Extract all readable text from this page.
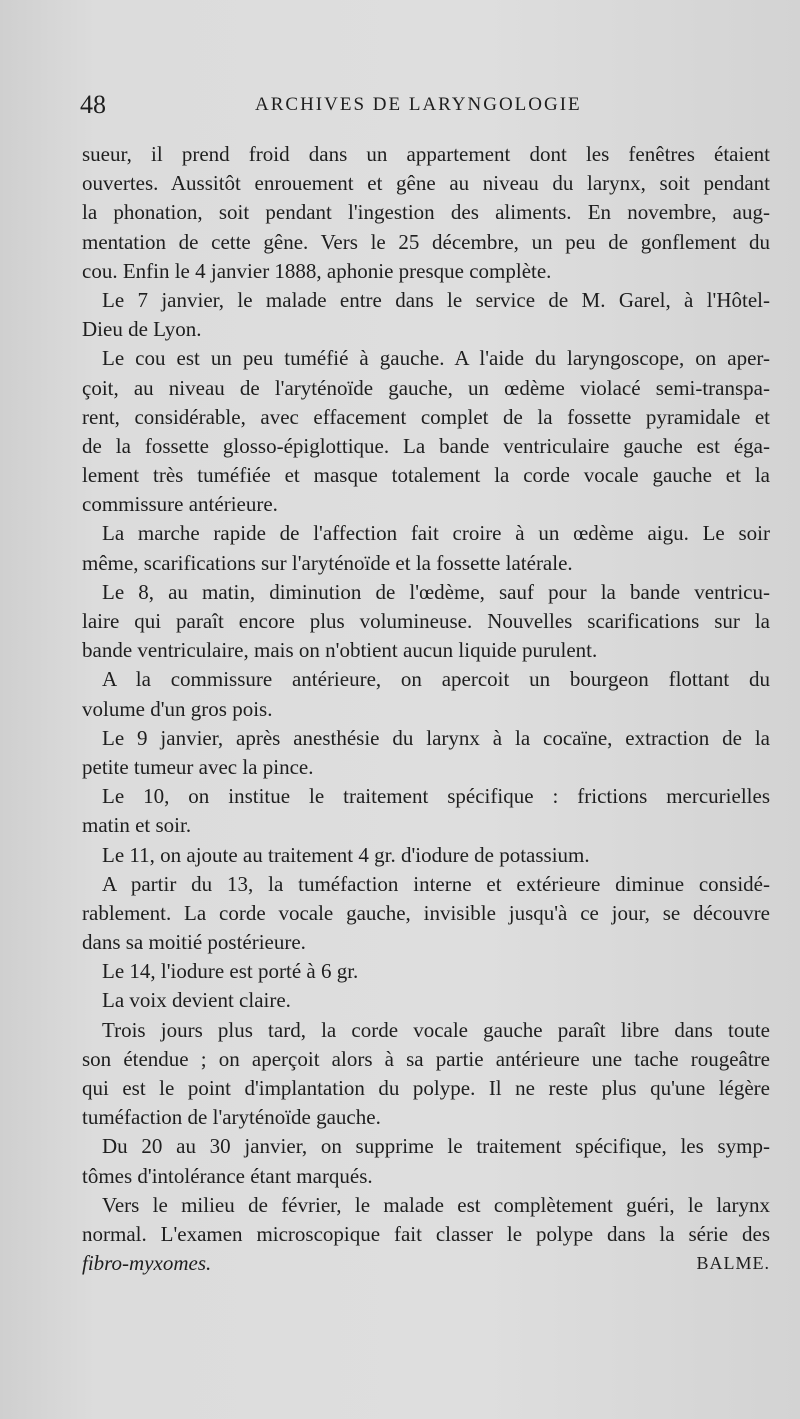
48	ARCHIVES DE LARYNGOLOGIE
sueur, il prend froid dans un appartement dont les fenêtres étaient
ouvertes. Aussitôt enrouement et gêne au niveau du larynx, soit pendant
la phonation, soit pendant l'ingestion des aliments. En novembre, aug-
mentation de cette gêne. Vers le 25 décembre, un peu de gonflement du
cou. Enfin le 4 janvier 1888, aphonie presque complète.
Le 7 janvier, le malade entre dans le service de M. Garel, à l'Hôtel-
Dieu de Lyon.
Le cou est un peu tuméfié à gauche. A l'aide du laryngoscope, on aper-
çoit, au niveau de l'aryténoïde gauche, un œdème violacé semi-transpa-
rent, considérable, avec effacement complet de la fossette pyramidale et
de la fossette glosso-épiglottique. La bande ventriculaire gauche est éga-
lement très tuméfiée et masque totalement la corde vocale gauche et la
commissure antérieure.
La marche rapide de l'affection fait croire à un œdème aigu. Le soir
même, scarifications sur l'aryténoïde et la fossette latérale.
Le 8, au matin, diminution de l'œdème, sauf pour la bande ventricu-
laire qui paraît encore plus volumineuse. Nouvelles scarifications sur la
bande ventriculaire, mais on n'obtient aucun liquide purulent.
A la commissure antérieure, on apercoit un bourgeon flottant du
volume d'un gros pois.
Le 9 janvier, après anesthésie du larynx à la cocaïne, extraction de la
petite tumeur avec la pince.
Le 10, on institue le traitement spécifique : frictions mercurielles
matin et soir.
Le 11, on ajoute au traitement 4 gr. d'iodure de potassium.
A partir du 13, la tuméfaction interne et extérieure diminue considé-
rablement. La corde vocale gauche, invisible jusqu'à ce jour, se découvre
dans sa moitié postérieure.
Le 14, l'iodure est porté à 6 gr.
La voix devient claire.
Trois jours plus tard, la corde vocale gauche paraît libre dans toute
son étendue ; on aperçoit alors à sa partie antérieure une tache rougeâtre
qui est le point d'implantation du polype. Il ne reste plus qu'une légère
tuméfaction de l'aryténoïde gauche.
Du 20 au 30 janvier, on supprime le traitement spécifique, les symp-
tômes d'intolérance étant marqués.
Vers le milieu de février, le malade est complètement guéri, le larynx
normal. L'examen microscopique fait classer le polype dans la série des
fibro-myxomes.	BALME.
